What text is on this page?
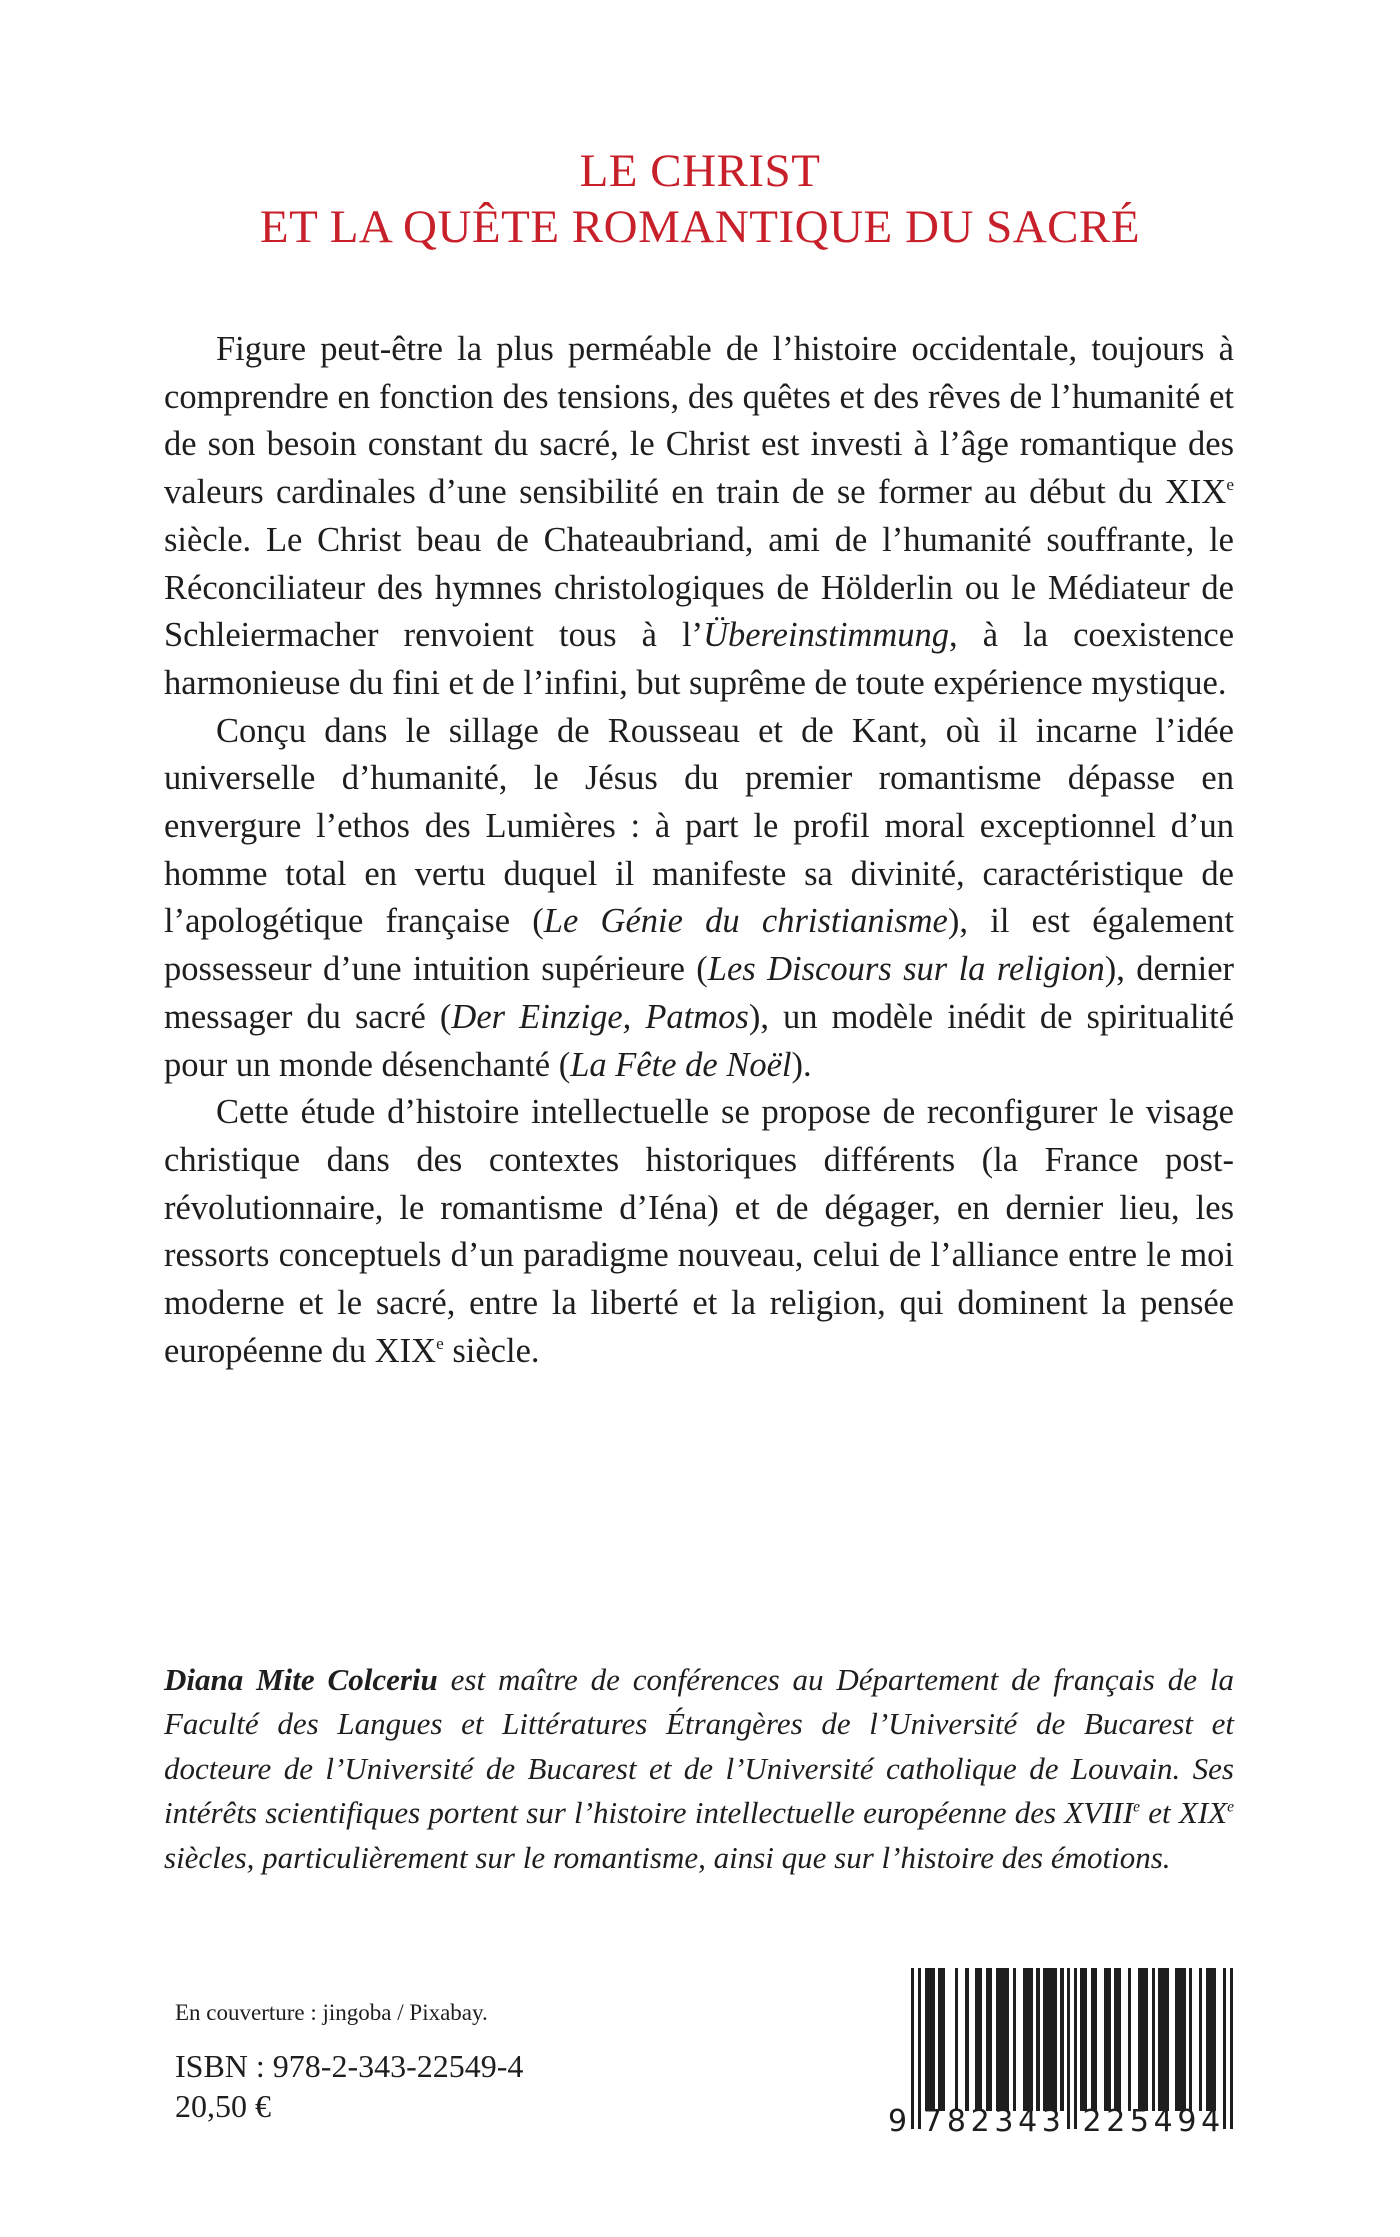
LE CHRIST
ET LA QUÊTE ROMANTIQUE DU SACRÉ

Figure peut-être la plus perméable de l’histoire occidentale, toujours à comprendre en fonction des tensions, des quêtes et des rêves de l’humanité et de son besoin constant du sacré, le Christ est investi à l’âge romantique des valeurs cardinales d’une sensibilité en train de se former au début du XIXe siècle. Le Christ beau de Chateaubriand, ami de l’humanité souffrante, le Réconciliateur des hymnes christologiques de Hölderlin ou le Médiateur de Schleiermacher renvoient tous à l’Übereinstimmung, à la coexistence harmonieuse du fini et de l’infini, but suprême de toute expérience mystique.

Conçu dans le sillage de Rousseau et de Kant, où il incarne l’idée universelle d’humanité, le Jésus du premier romantisme dépasse en envergure l’ethos des Lumières : à part le profil moral exceptionnel d’un homme total en vertu duquel il manifeste sa divinité, caractéristique de l’apologétique française (Le Génie du christianisme), il est également possesseur d’une intuition supérieure (Les Discours sur la religion), dernier messager du sacré (Der Einzige, Patmos), un modèle inédit de spiritualité pour un monde désenchanté (La Fête de Noël).

Cette étude d’histoire intellectuelle se propose de reconfigurer le visage christique dans des contextes historiques différents (la France post-révolutionnaire, le romantisme d’Iéna) et de dégager, en dernier lieu, les ressorts conceptuels d’un paradigme nouveau, celui de l’alliance entre le moi moderne et le sacré, entre la liberté et la religion, qui dominent la pensée européenne du XIXe siècle.

Diana Mite Colceriu est maître de conférences au Département de français de la Faculté des Langues et Littératures Étrangères de l’Université de Bucarest et docteure de l’Université de Bucarest et de l’Université catholique de Louvain. Ses intérêts scientifiques portent sur l’histoire intellectuelle européenne des XVIIIe et XIXe siècles, particulièrement sur le romantisme, ainsi que sur l’histoire des émotions.
En couverture : jingoba / Pixabay.
ISBN : 978-2-343-22549-4
20,50 €	9 7 8 2 3 4 3 2 2 5 4 9 4
